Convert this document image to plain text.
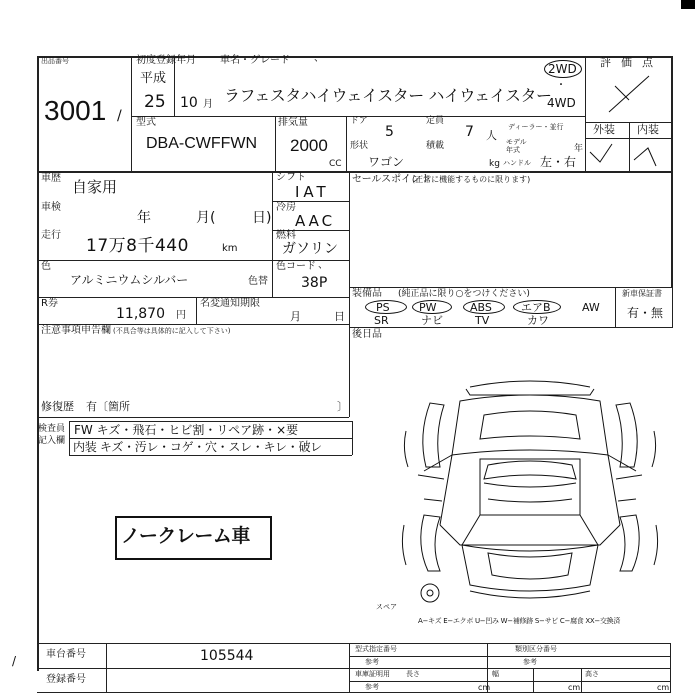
出品番号
3001 /
初度登録年月
平成
25 10 月
車名・グレード 、
ラフェスタハイウェイスター ハイウェイスター
2WD
・
4WD
評価点
外装 内装
型式
DBA-CWFFWN
排気量
2000
CC
ドア
5
定員
7 人
ディーラー・並行
モデル
年式	年
形状
ワゴン
積載
kg ハンドル 左・右
車歴 自家用
車検
年	月(	日)
走行
17万8千440	km
シフト
IAT
冷房
AAC
燃料
ガソリン
セールスポイント
(正常に機能するものに限ります)
色
アルミニウムシルバー	色替
色コード 、
38P
R券
11,870 円
名変通知期限
月	日
装備品 (純正品に限り○をつけください)
PS	PW	ABS	エアB	AW
SR	ナビ	TV	カワ
新車保証書
有・無
注意事項申告欄 (不具合等は具体的に記入して下さい)	後日品
修復歴 有〔箇所	〕
検査員
記入欄
FW キズ・飛石・ヒビ割・リペア跡・×要
内装 キズ・汚レ・コゲ・穴・スレ・キレ・破レ
ノークレーム車
スペア
A−キズ E−エクボ U−凹み W−補修跡 S−サビ C−腐食 XX−交換済
車台番号	105544
登録番号
/
型式指定番号
参考
類別区分番号
参考
車庫証明用
参考
長さ
cm
幅
cm
高さ
cm
